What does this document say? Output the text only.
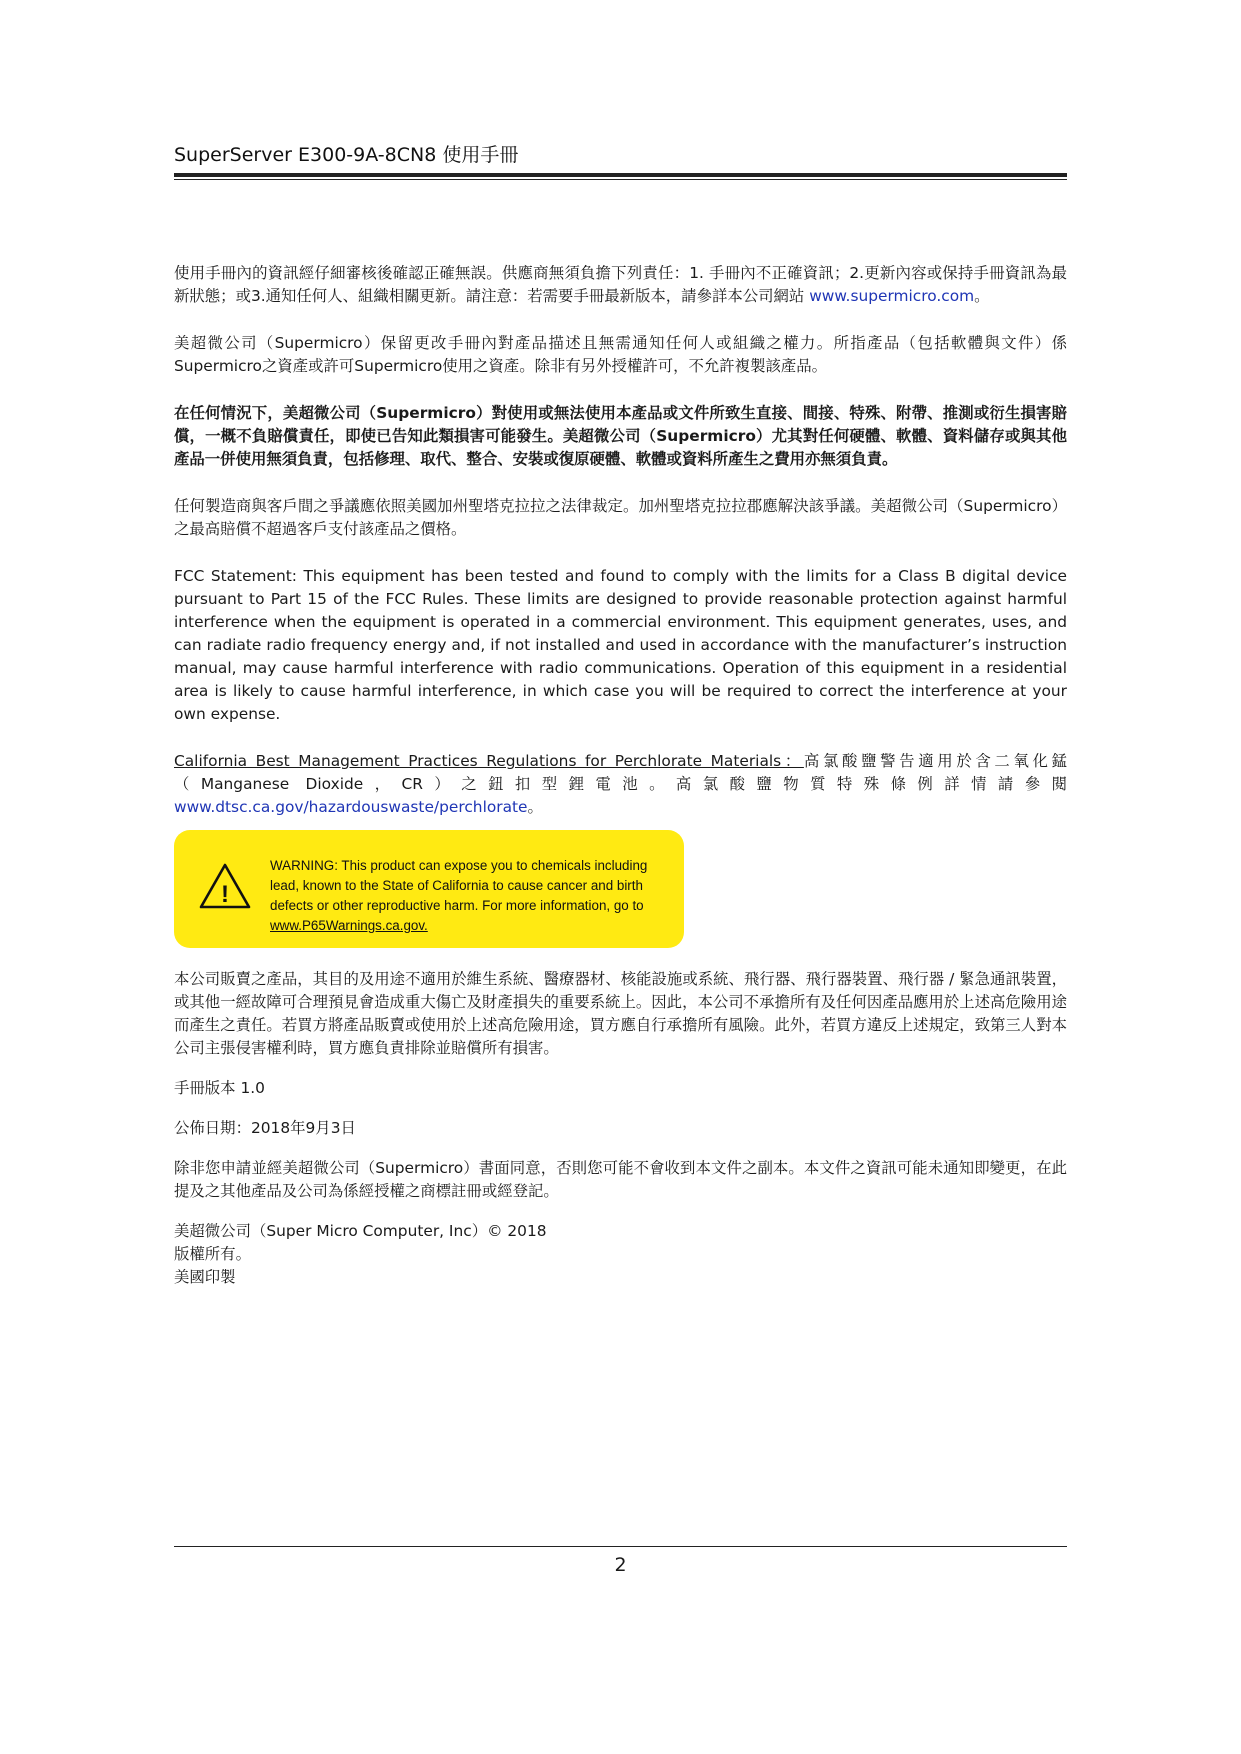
SuperServer E300-9A-8CN8 使用手冊

使用手冊內的資訊經仔細審核後確認正確無誤。供應商無須負擔下列責任：1. 手冊內不正確資訊；2.更新內容或保持手冊資訊為最新狀態；或3.通知任何人、組織相關更新。請注意：若需要手冊最新版本，請參詳本公司網站 www.supermicro.com。

美超微公司（Supermicro）保留更改手冊內對產品描述且無需通知任何人或組織之權力。所指產品（包括軟體與文件）係Supermicro之資產或許可Supermicro使用之資產。除非有另外授權許可，不允許複製該產品。

在任何情況下，美超微公司（Supermicro）對使用或無法使用本產品或文件所致生直接、間接、特殊、附帶、推測或衍生損害賠償，一概不負賠償責任，即使已告知此類損害可能發生。美超微公司（Supermicro）尤其對任何硬體、軟體、資料儲存或與其他產品一併使用無須負責，包括修理、取代、整合、安裝或復原硬體、軟體或資料所產生之費用亦無須負責。

任何製造商與客戶間之爭議應依照美國加州聖塔克拉拉之法律裁定。加州聖塔克拉拉郡應解決該爭議。美超微公司（Supermicro）之最高賠償不超過客戶支付該產品之價格。

FCC Statement: This equipment has been tested and found to comply with the limits for a Class B digital device pursuant to Part 15 of the FCC Rules. These limits are designed to provide reasonable protection against harmful interference when the equipment is operated in a commercial environment. This equipment generates, uses, and can radiate radio frequency energy and, if not installed and used in accordance with the manufacturer’s instruction manual, may cause harmful interference with radio communications. Operation of this equipment in a residential area is likely to cause harmful interference, in which case you will be required to correct the interference at your own expense.

California Best Management Practices Regulations for Perchlorate Materials：高氯酸鹽警告適用於含二氧化錳（Manganese Dioxide，CR）之鈕扣型鋰電池。高氯酸鹽物質特殊條例詳情請參閱 www.dtsc.ca.gov/hazardouswaste/perchlorate。

!
WARNING: This product can expose you to chemicals including lead, known to the State of California to cause cancer and birth defects or other reproductive harm. For more information, go to www.P65Warnings.ca.gov.

本公司販賣之產品，其目的及用途不適用於維生系統、醫療器材、核能設施或系統、飛行器、飛行器裝置、飛行器 / 緊急通訊裝置，或其他一經故障可合理預見會造成重大傷亡及財產損失的重要系統上。因此，本公司不承擔所有及任何因產品應用於上述高危險用途而產生之責任。若買方將產品販賣或使用於上述高危險用途，買方應自行承擔所有風險。此外，若買方違反上述規定，致第三人對本公司主張侵害權利時，買方應負責排除並賠償所有損害。

手冊版本 1.0

公佈日期：2018年9月3日

除非您申請並經美超微公司（Supermicro）書面同意，否則您可能不會收到本文件之副本。本文件之資訊可能未通知即變更，在此提及之其他產品及公司為係經授權之商標註冊或經登記。

美超微公司（Super Micro Computer, Inc）© 2018
版權所有。
美國印製
2
